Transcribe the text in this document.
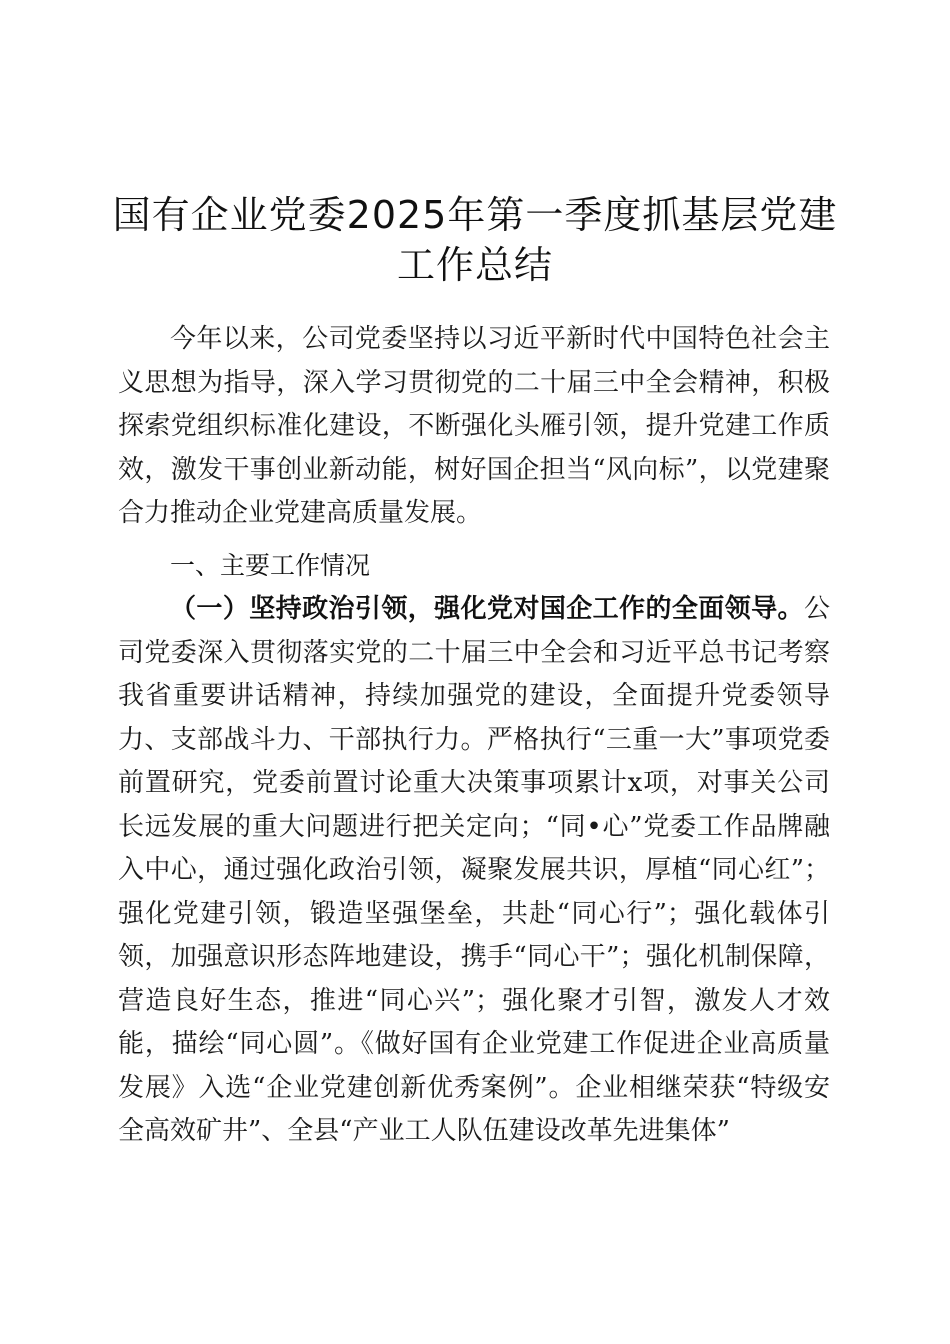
国有企业党委2025年第一季度抓基层党建工作总结

今年以来，公司党委坚持以习近平新时代中国特色社会主义思想为指导，深入学习贯彻党的二十届三中全会精神，积极探索党组织标准化建设，不断强化头雁引领，提升党建工作质效，激发干事创业新动能，树好国企担当“风向标”，以党建聚合力推动企业党建高质量发展。

一、主要工作情况

（一）坚持政治引领，强化党对国企工作的全面领导。公司党委深入贯彻落实党的二十届三中全会和习近平总书记考察我省重要讲话精神，持续加强党的建设，全面提升党委领导力、支部战斗力、干部执行力。严格执行“三重一大”事项党委前置研究，党委前置讨论重大决策事项累计x项，对事关公司长远发展的重大问题进行把关定向；“同•心”党委工作品牌融入中心，通过强化政治引领，凝聚发展共识，厚植“同心红”；强化党建引领，锻造坚强堡垒，共赴“同心行”；强化载体引领，加强意识形态阵地建设，携手“同心干”；强化机制保障，营造良好生态，推进“同心兴”；强化聚才引智，激发人才效能，描绘“同心圆”。《做好国有企业党建工作促进企业高质量发展》入选“企业党建创新优秀案例”。企业相继荣获“特级安全高效矿井”、全县“产业工人队伍建设改革先进集体”
